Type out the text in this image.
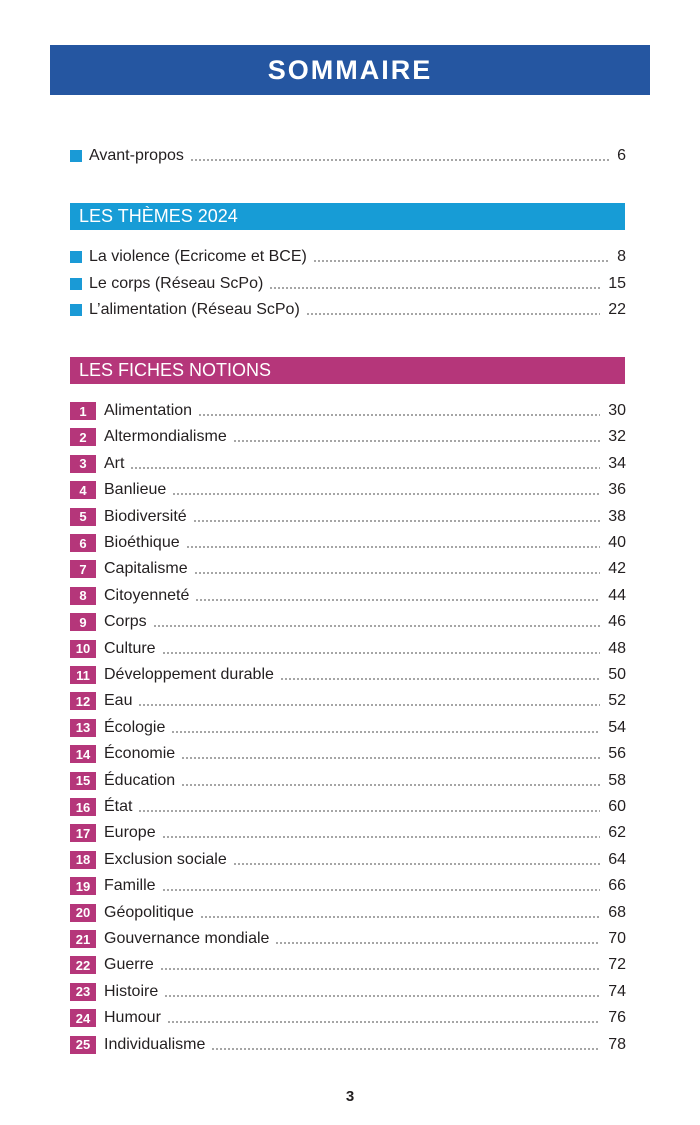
SOMMAIRE
Avant-propos	6
LES THÈMES 2024
La violence (Ecricome et BCE)	8
Le corps (Réseau ScPo)	15
L’alimentation (Réseau ScPo)	22
LES FICHES NOTIONS
1	Alimentation	30
2	Altermondialisme	32
3	Art	34
4	Banlieue	36
5	Biodiversité	38
6	Bioéthique	40
7	Capitalisme	42
8	Citoyenneté	44
9	Corps	46
10 Culture	48
11 Développement durable	50
12 Eau	52
13 Écologie	54
14 Économie	56
15 Éducation	58
16 État	60
17 Europe	62
18 Exclusion sociale	64
19 Famille	66
20 Géopolitique	68
21 Gouvernance mondiale	70
22 Guerre	72
23 Histoire	74
24 Humour	76
25 Individualisme	78
3
